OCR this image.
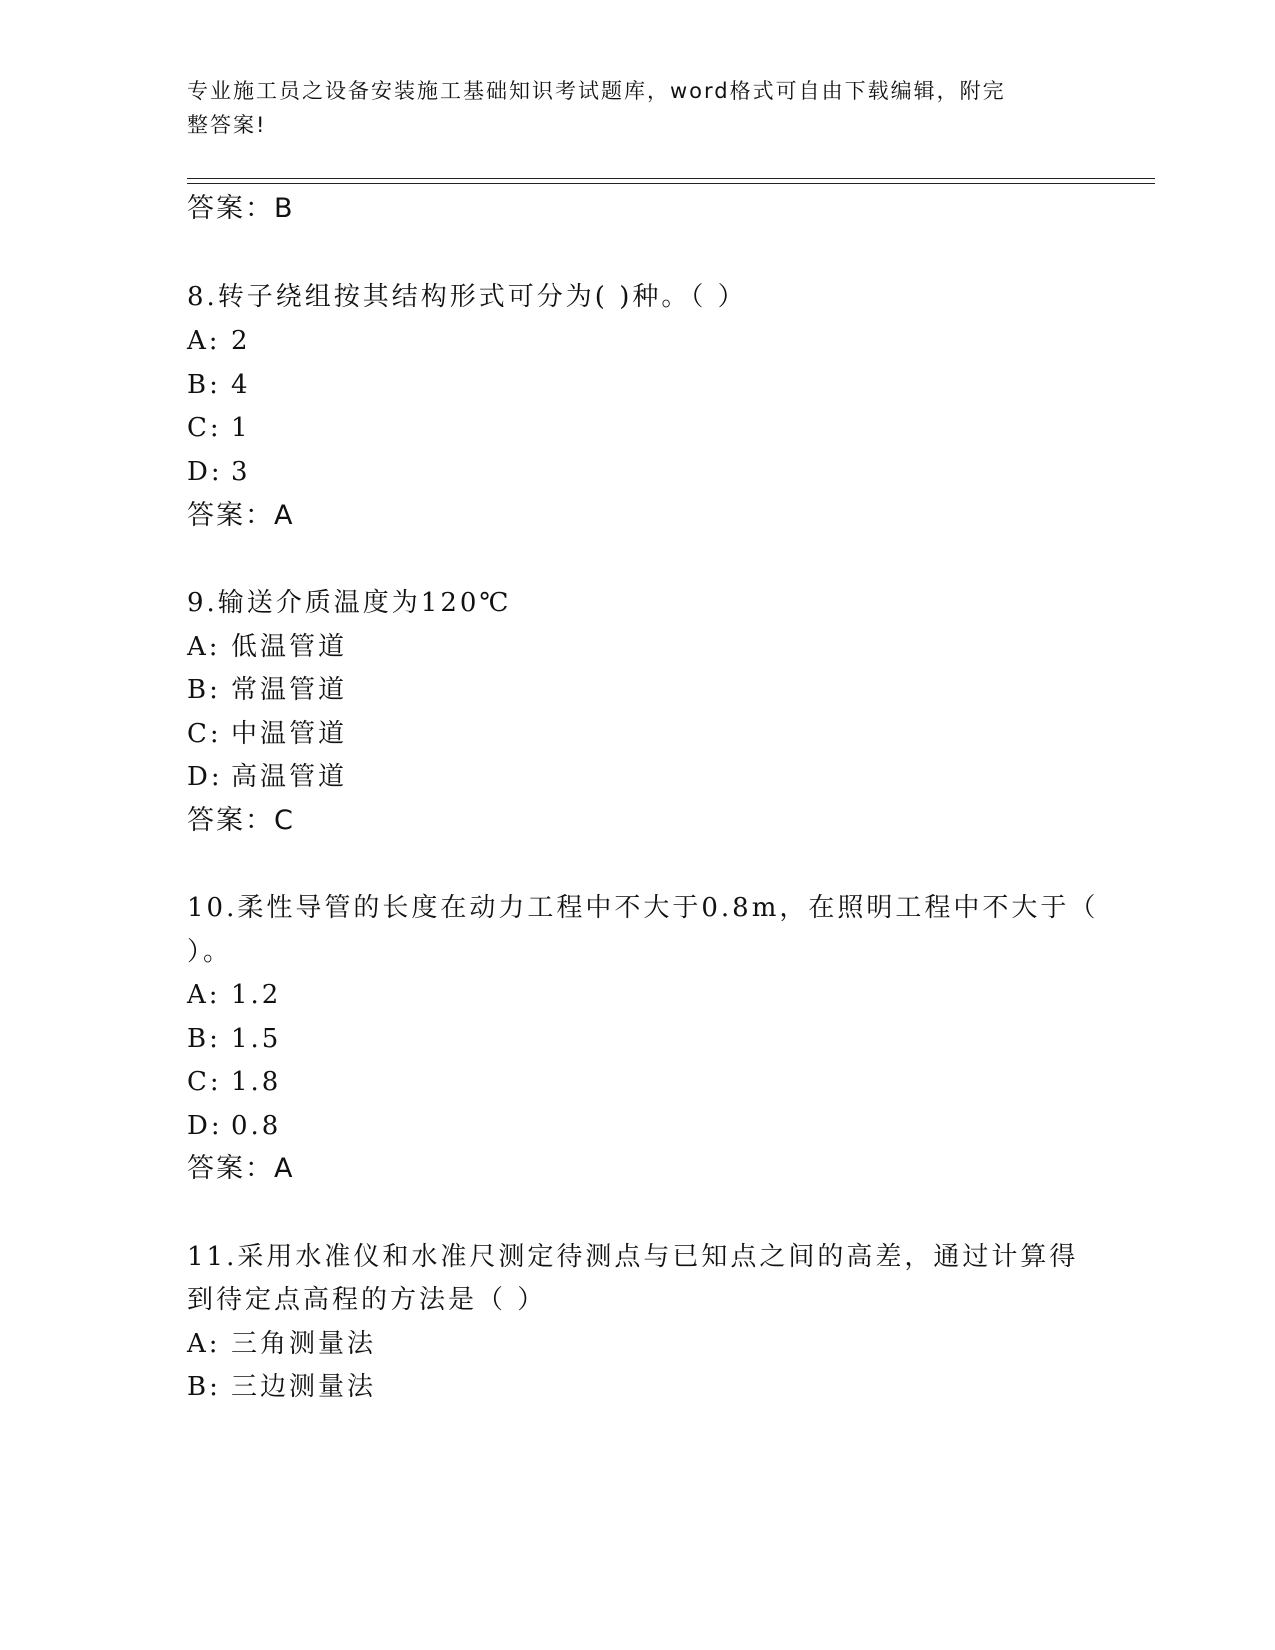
专业施工员之设备安装施工基础知识考试题库，word格式可自由下载编辑，附完
整答案!
答案：B
8.转子绕组按其结构形式可分为( )种。（ ）
A: 2
B: 4
C: 1
D: 3
答案：A
9.输送介质温度为120℃
A: 低温管道
B: 常温管道
C: 中温管道
D: 高温管道
答案：C
10.柔性导管的长度在动力工程中不大于0.8m，在照明工程中不大于（
）。
A: 1.2
B: 1.5
C: 1.8
D: 0.8
答案：A
11.采用水准仪和水准尺测定待测点与已知点之间的高差，通过计算得
到待定点高程的方法是（ ）
A: 三角测量法
B: 三边测量法
